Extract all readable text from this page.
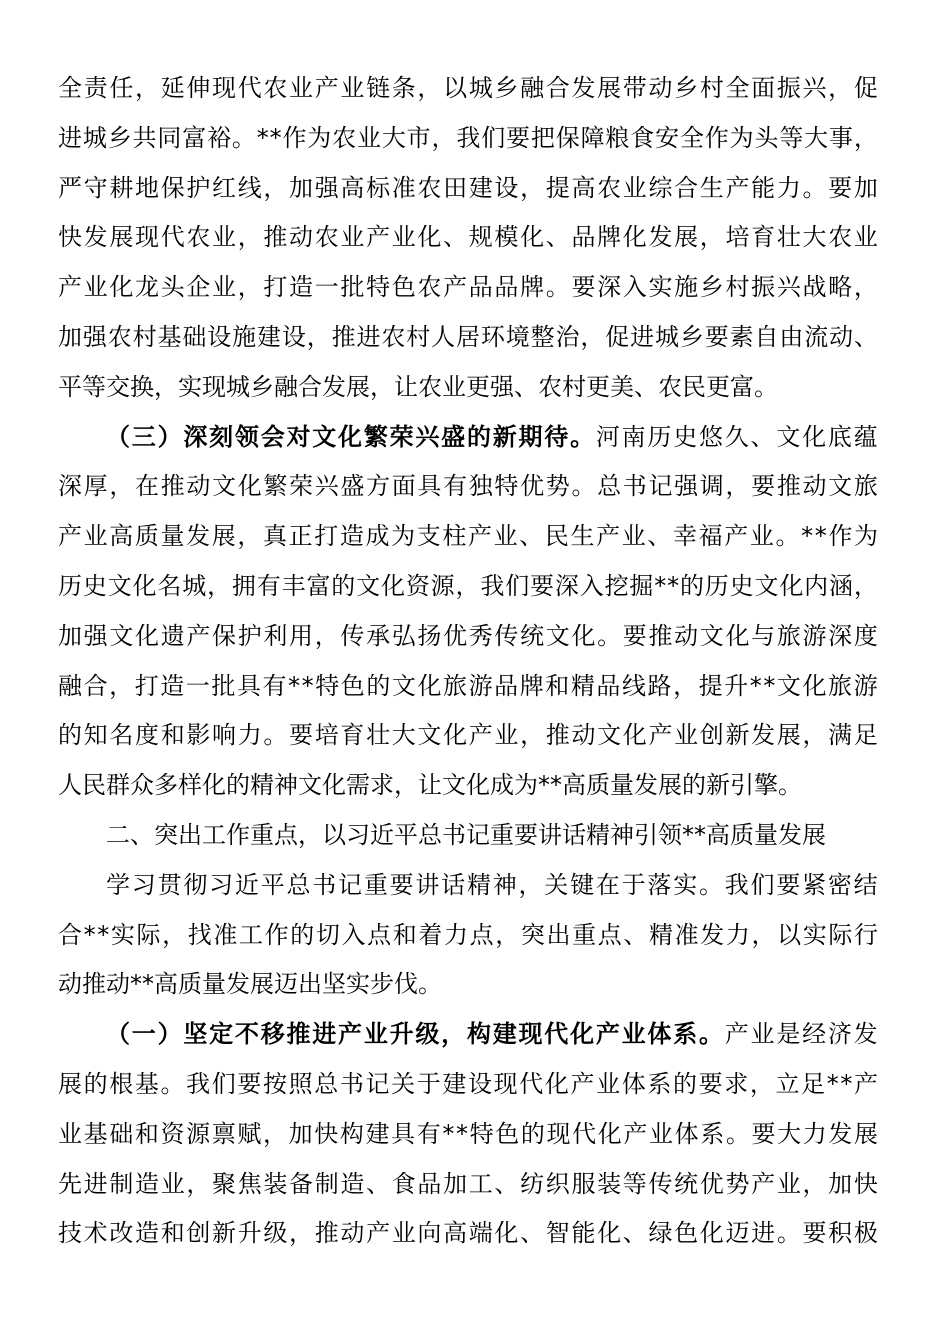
全 责 任 ， 延 伸 现 代 农 业 产 业 链 条 ， 以 城 乡 融 合 发 展 带 动 乡 村 全 面 振 兴 ， 促
进 城 乡 共 同 富 裕 。 * * 作 为 农 业 大 市 ， 我 们 要 把 保 障 粮 食 安 全 作 为 头 等 大 事 ，
严 守 耕 地 保 护 红 线 ， 加 强 高 标 准 农 田 建 设 ， 提 高 农 业 综 合 生 产 能 力 。 要 加
快 发 展 现 代 农 业 ， 推 动 农 业 产 业 化 、 规 模 化 、 品 牌 化 发 展 ， 培 育 壮 大 农 业
产 业 化 龙 头 企 业 ， 打 造 一 批 特 色 农 产 品 品 牌 。 要 深 入 实 施 乡 村 振 兴 战 略 ，
加 强 农 村 基 础 设 施 建 设 ， 推 进 农 村 人 居 环 境 整 治 ， 促 进 城 乡 要 素 自 由 流 动 、
平等交换，实现城乡融合发展，让农业更强、农村更美、农民更富。
（ 三 ） 深 刻 领 会 对 文 化 繁 荣 兴 盛 的 新 期 待 。 河 南 历 史 悠 久 、 文 化 底 蕴
深 厚 ， 在 推 动 文 化 繁 荣 兴 盛 方 面 具 有 独 特 优 势 。 总 书 记 强 调 ， 要 推 动 文 旅
产 业 高 质 量 发 展 ， 真 正 打 造 成 为 支 柱 产 业 、 民 生 产 业 、 幸 福 产 业 。 * * 作 为
历 史 文 化 名 城 ， 拥 有 丰 富 的 文 化 资 源 ， 我 们 要 深 入 挖 掘 * * 的 历 史 文 化 内 涵 ，
加 强 文 化 遗 产 保 护 利 用 ， 传 承 弘 扬 优 秀 传 统 文 化 。 要 推 动 文 化 与 旅 游 深 度
融 合 ， 打 造 一 批 具 有 * * 特 色 的 文 化 旅 游 品 牌 和 精 品 线 路 ， 提 升 * * 文 化 旅 游
的 知 名 度 和 影 响 力 。 要 培 育 壮 大 文 化 产 业 ， 推 动 文 化 产 业 创 新 发 展 ， 满 足
人民群众多样化的精神文化需求，让文化成为**高质量发展的新引擎。
二、突出工作重点，以习近平总书记重要讲话精神引领**高质量发展
学 习 贯 彻 习 近 平 总 书 记 重 要 讲 话 精 神 ， 关 键 在 于 落 实 。 我 们 要 紧 密 结
合 * * 实 际 ， 找 准 工 作 的 切 入 点 和 着 力 点 ， 突 出 重 点 、 精 准 发 力 ， 以 实 际 行
动推动**高质量发展迈出坚实步伐。
（ 一 ） 坚 定 不 移 推 进 产 业 升 级 ， 构 建 现 代 化 产 业 体 系 。 产 业 是 经 济 发
展 的 根 基 。 我 们 要 按 照 总 书 记 关 于 建 设 现 代 化 产 业 体 系 的 要 求 ， 立 足 * * 产
业 基 础 和 资 源 禀 赋 ， 加 快 构 建 具 有 * * 特 色 的 现 代 化 产 业 体 系 。 要 大 力 发 展
先 进 制 造 业 ， 聚 焦 装 备 制 造 、 食 品 加 工 、 纺 织 服 装 等 传 统 优 势 产 业 ， 加 快
技 术 改 造 和 创 新 升 级 ， 推 动 产 业 向 高 端 化 、 智 能 化 、 绿 色 化 迈 进 。 要 积 极
